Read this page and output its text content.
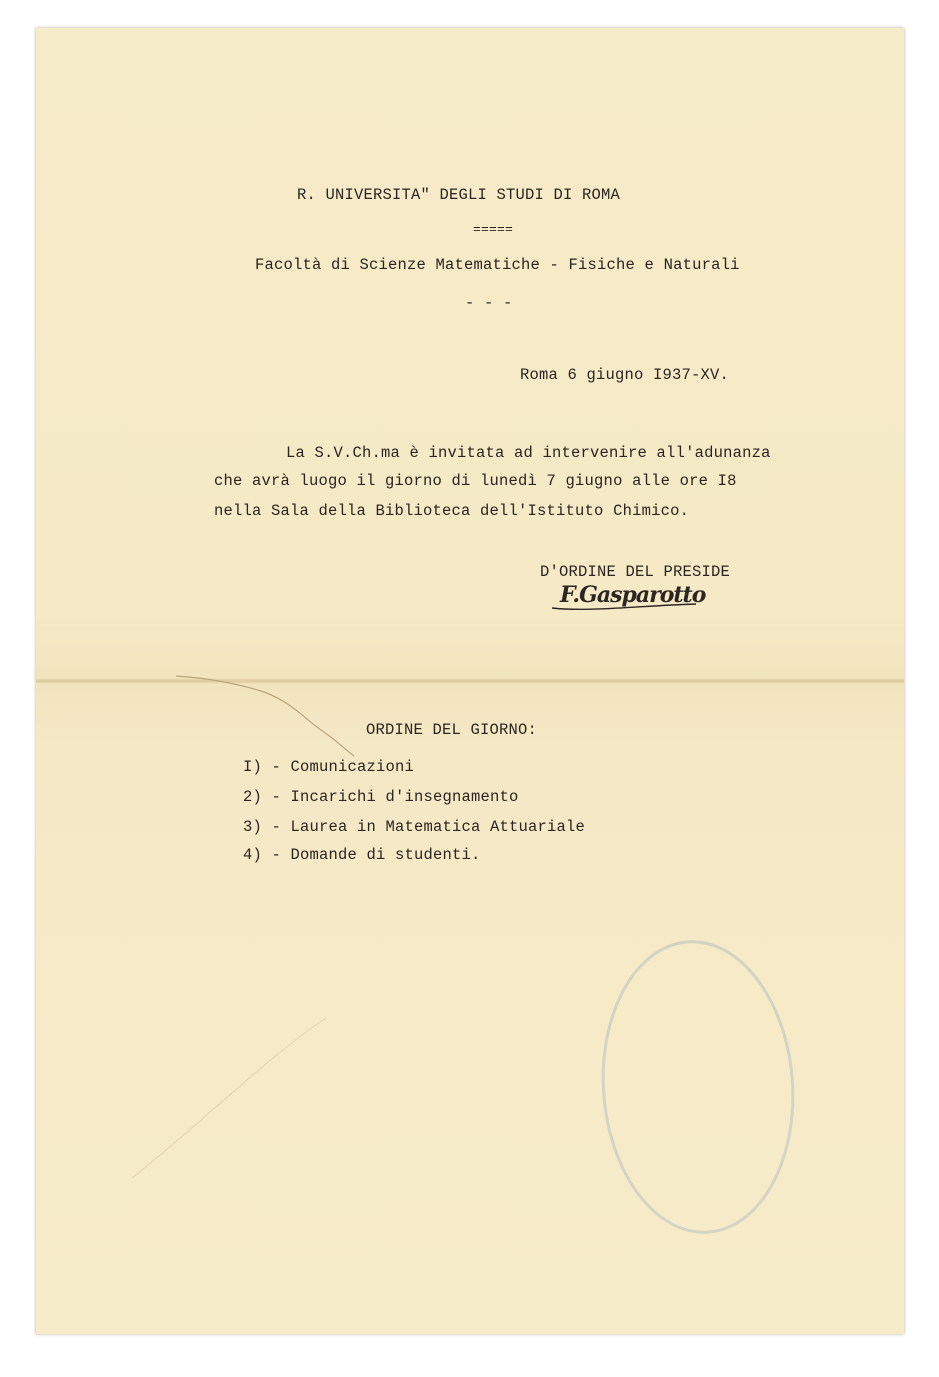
R. UNIVERSITA" DEGLI STUDI DI ROMA
=====
Facoltà di Scienze Matematiche - Fisiche e Naturali
- - -
Roma 6 giugno I937-XV.
La S.V.Ch.ma è invitata ad intervenire all'adunanza
che avrà luogo il giorno di lunedì 7 giugno alle ore I8
nella Sala della Biblioteca dell'Istituto Chimico.
D'ORDINE DEL PRESIDE
F.Gasparotto
ORDINE DEL GIORNO:
I) - Comunicazioni
2) - Incarichi d'insegnamento
3) - Laurea in Matematica Attuariale
4) - Domande di studenti.
